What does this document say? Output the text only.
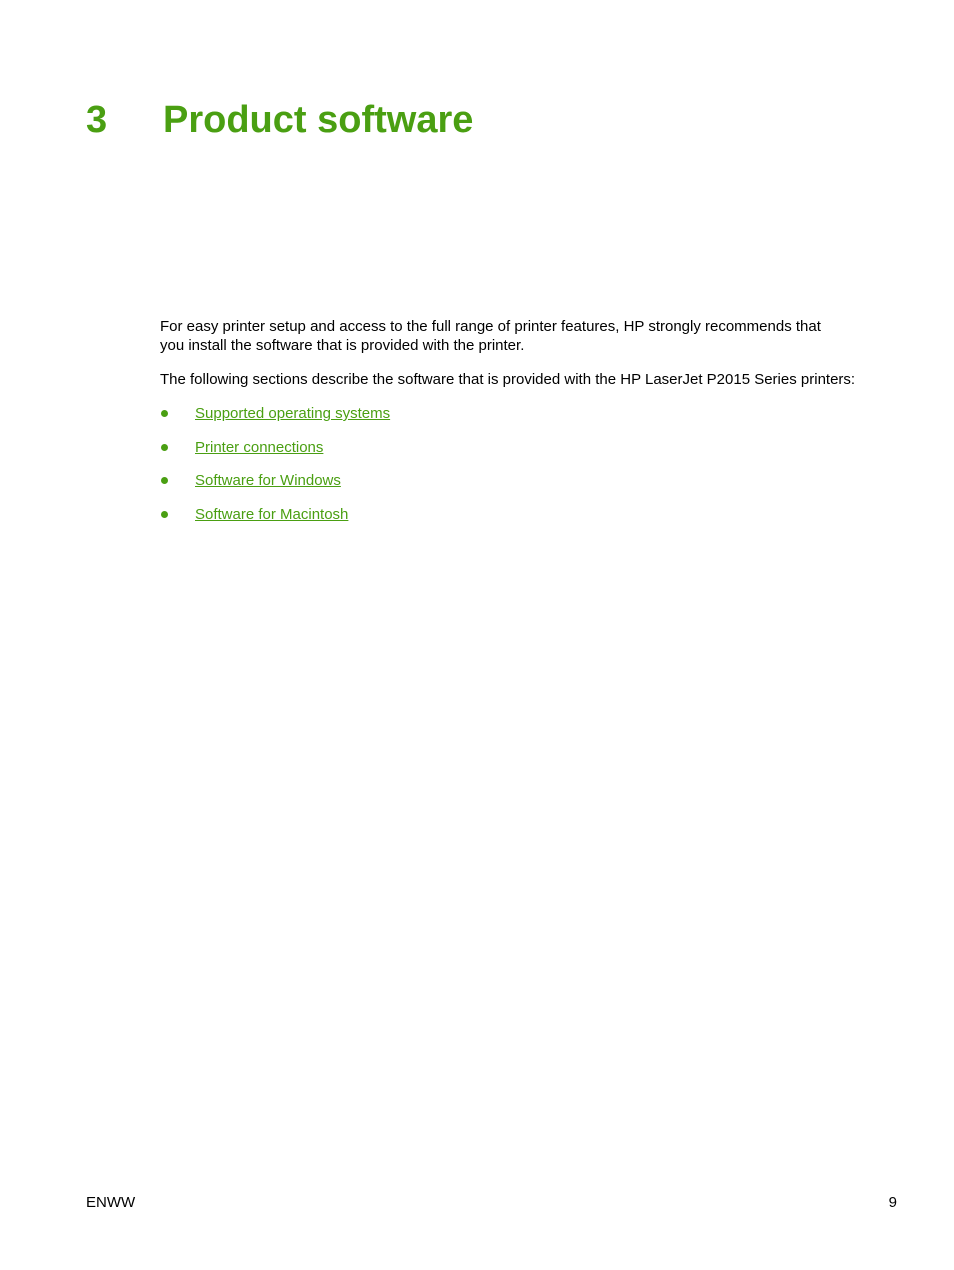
3 Product software

For easy printer setup and access to the full range of printer features, HP strongly recommends that
you install the software that is provided with the printer.

The following sections describe the software that is provided with the HP LaserJet P2015 Series printers:

Supported operating systems
Printer connections
Software for Windows
Software for Macintosh
ENWW	9
